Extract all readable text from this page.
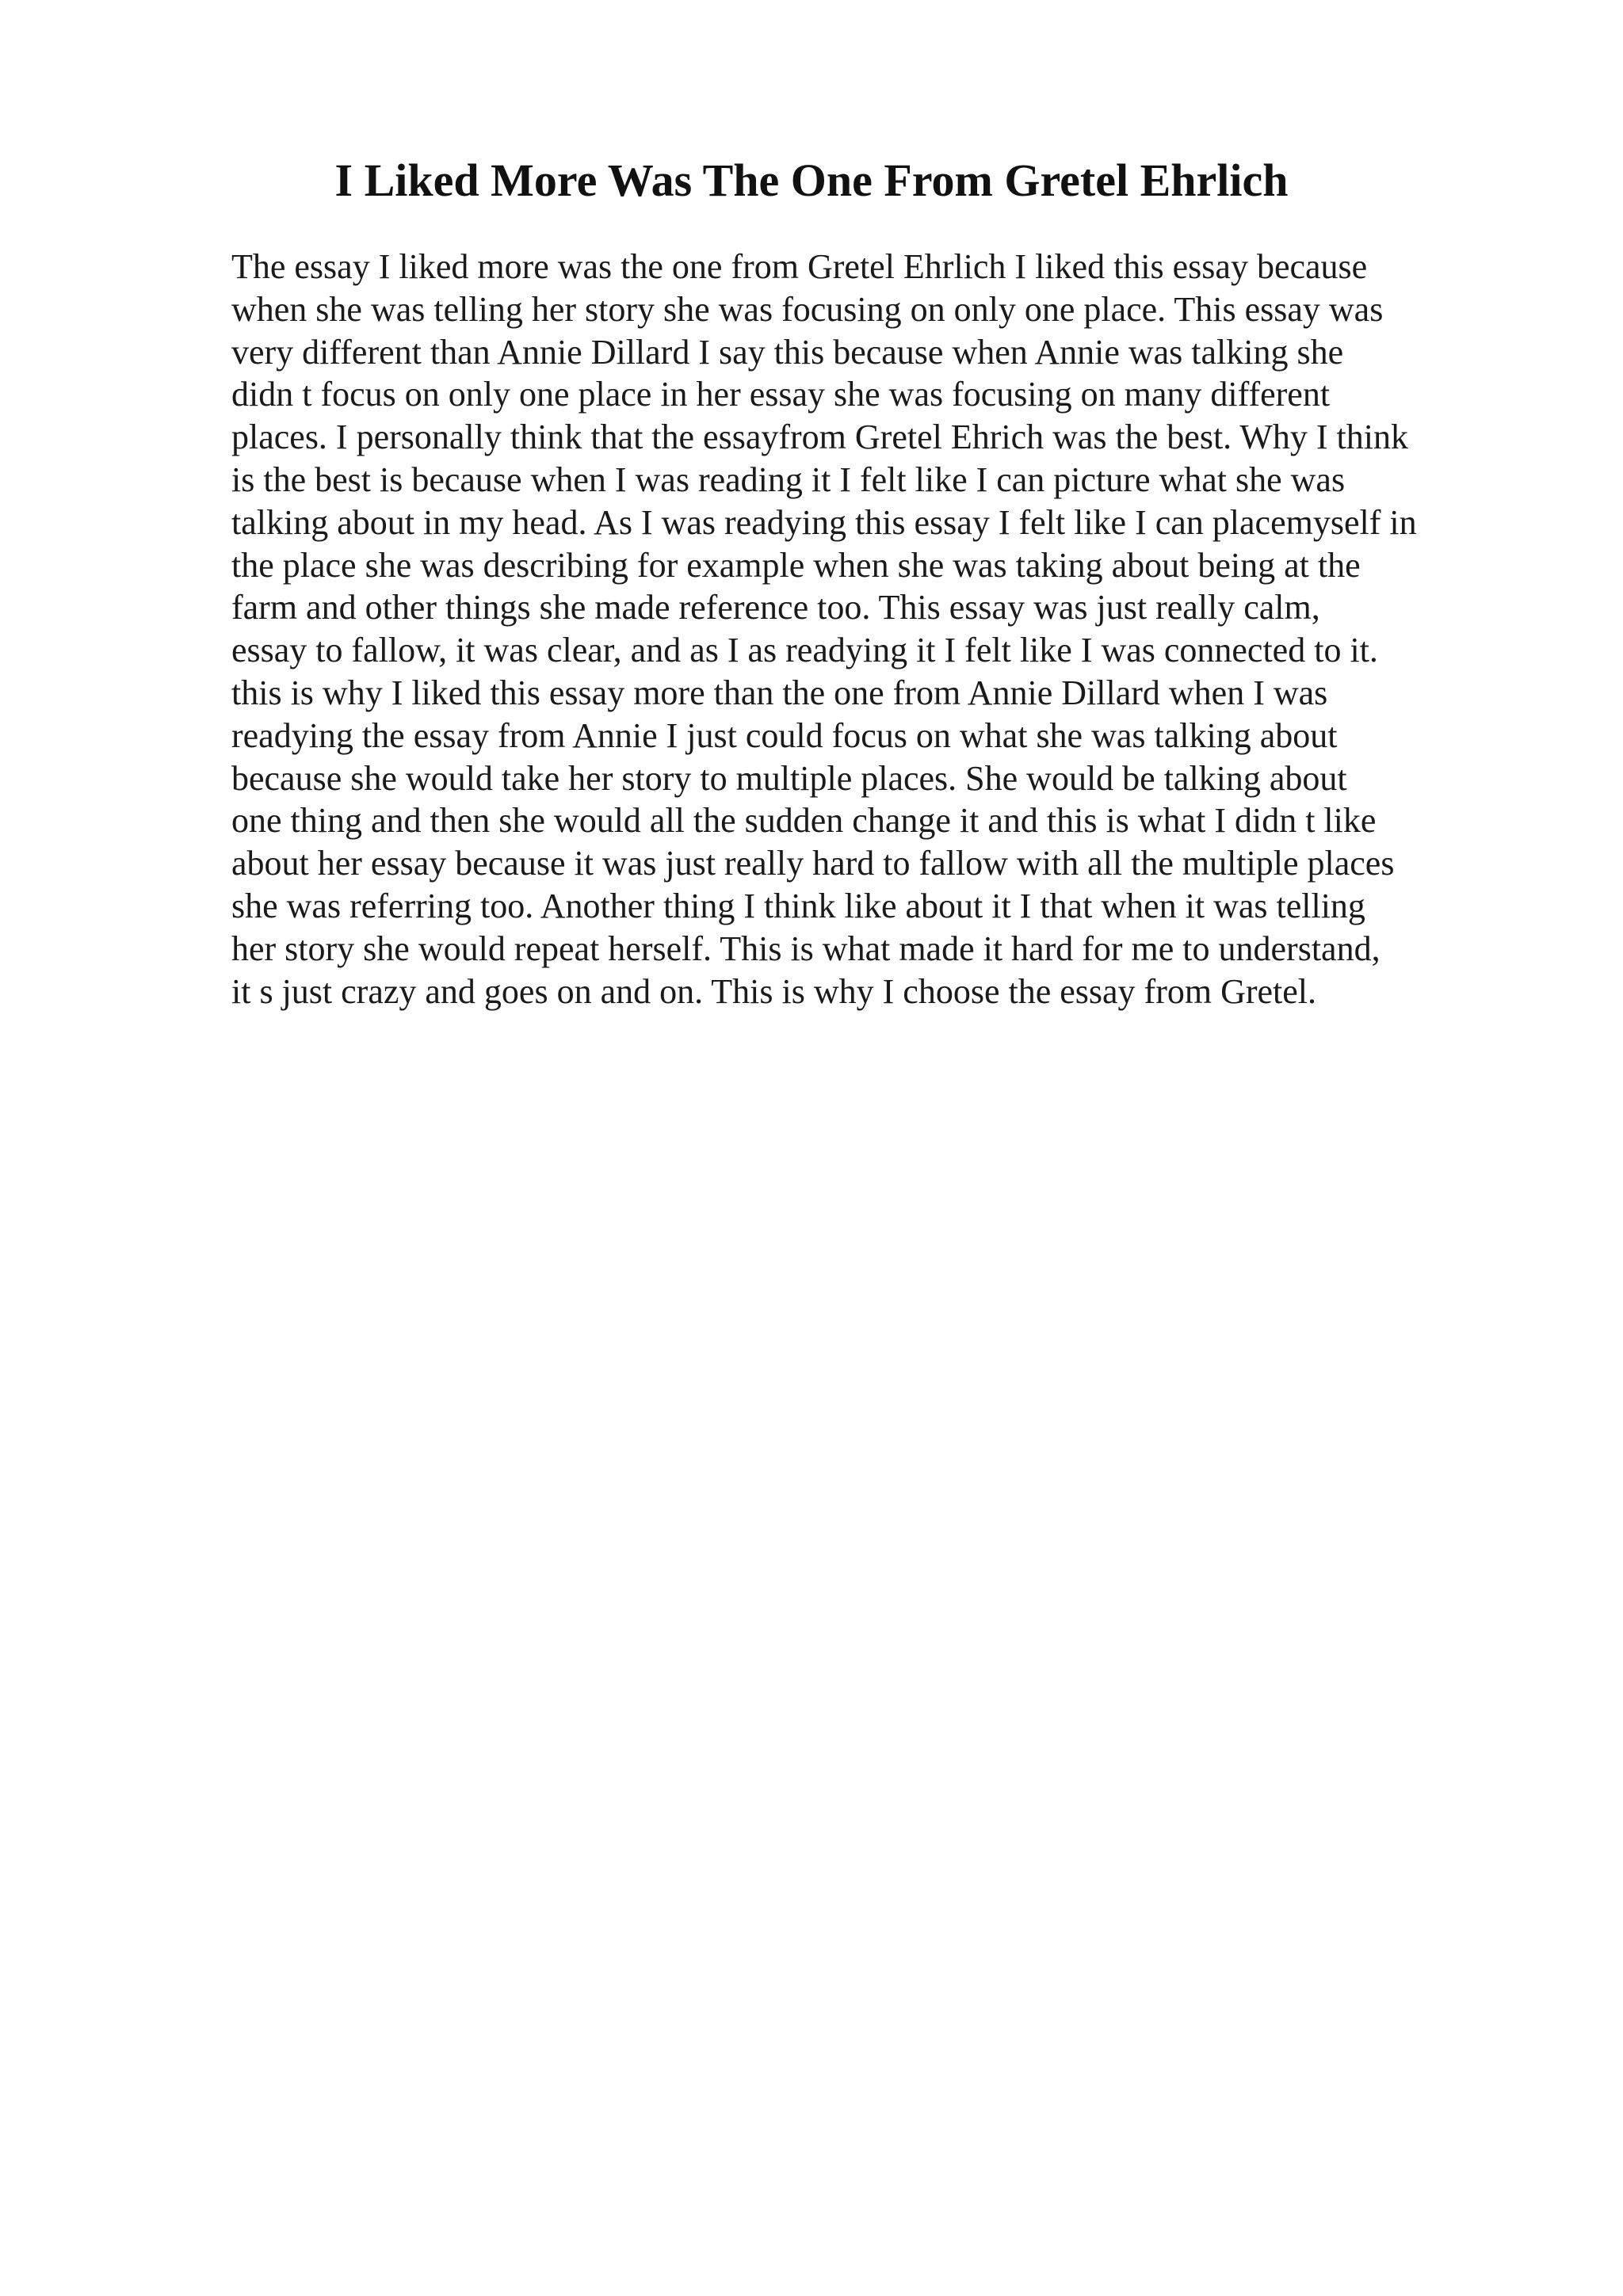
I Liked More Was The One From Gretel Ehrlich
The essay I liked more was the one from Gretel Ehrlich I liked this essay because
when she was telling her story she was focusing on only one place. This essay was
very different than Annie Dillard I say this because when Annie was talking she
didn t focus on only one place in her essay she was focusing on many different
places. I personally think that the essayfrom Gretel Ehrich was the best. Why I think
is the best is because when I was reading it I felt like I can picture what she was
talking about in my head. As I was readying this essay I felt like I can placemyself in
the place she was describing for example when she was taking about being at the
farm and other things she made reference too. This essay was just really calm,
essay to fallow, it was clear, and as I as readying it I felt like I was connected to it.
this is why I liked this essay more than the one from Annie Dillard when I was
readying the essay from Annie I just could focus on what she was talking about
because she would take her story to multiple places. She would be talking about
one thing and then she would all the sudden change it and this is what I didn t like
about her essay because it was just really hard to fallow with all the multiple places
she was referring too. Another thing I think like about it I that when it was telling
her story she would repeat herself. This is what made it hard for me to understand,
it s just crazy and goes on and on. This is why I choose the essay from Gretel.
